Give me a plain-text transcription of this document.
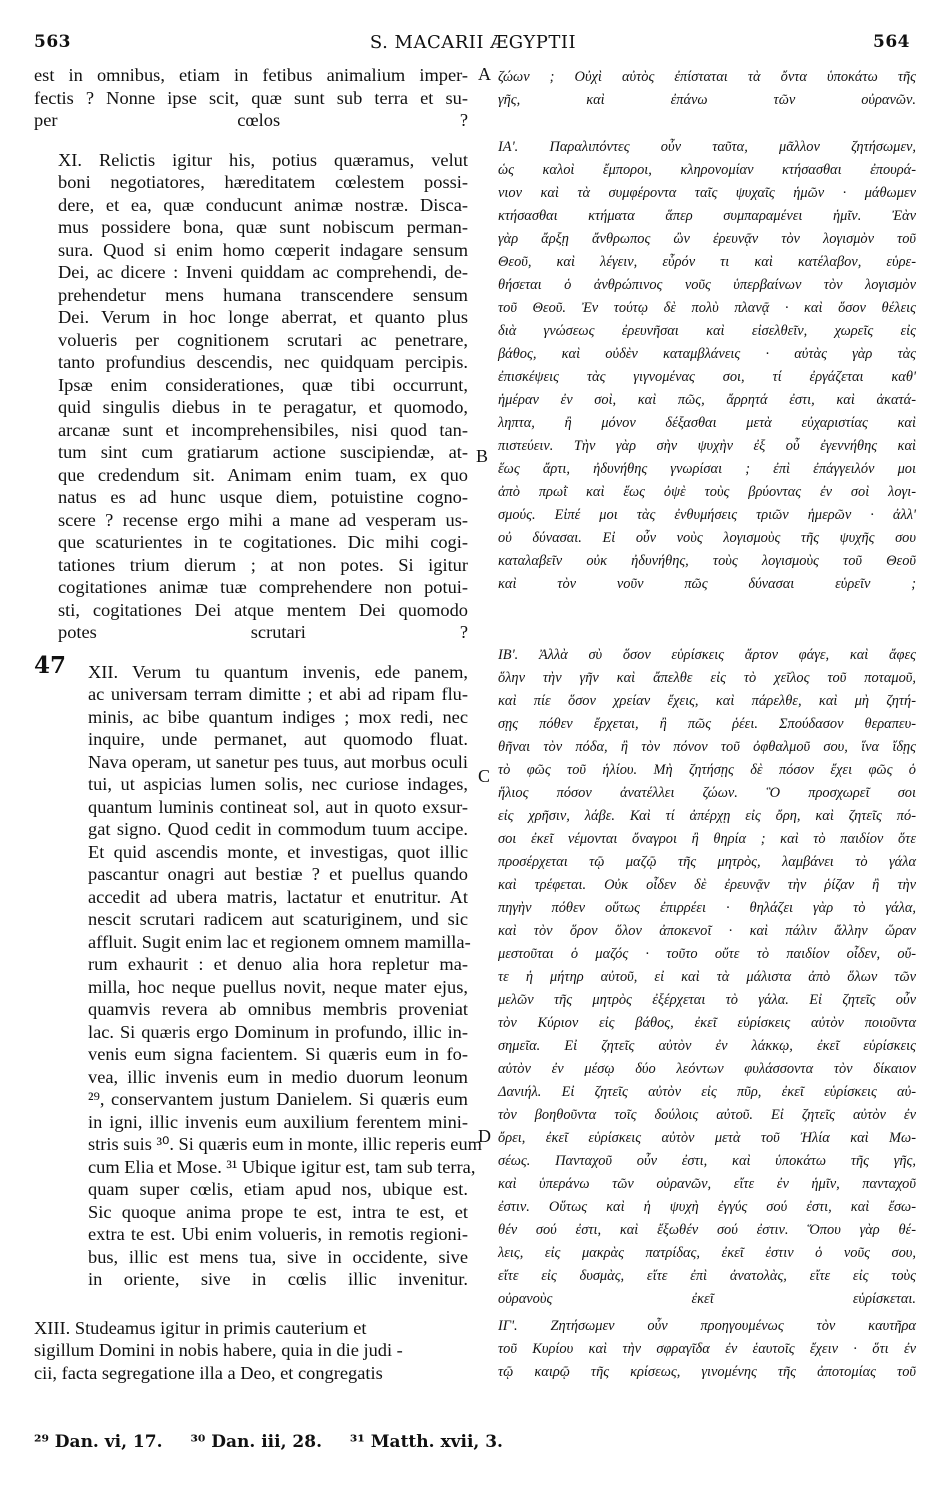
563	S. MACARII ÆGYPTII	564
A
B
C
D
47
est in omnibus, etiam in fetibus animalium imper-
fectis ? Nonne ipse scit, quæ sunt sub terra et su-
per cœlos ?
XI. Relictis igitur his, potius quæramus, velut
boni negotiatores, hæreditatem cœlestem possi-
dere, et ea, quæ conducunt animæ nostræ. Disca-
mus possidere bona, quæ sunt nobiscum perman-
sura. Quod si enim homo cœperit indagare sensum
Dei, ac dicere : Inveni quiddam ac comprehendi, de-
prehendetur mens humana transcendere sensum
Dei. Verum in hoc longe aberrat, et quanto plus
volueris per cognitionem scrutari ac penetrare,
tanto profundius descendis, nec quidquam percipis.
Ipsæ enim considerationes, quæ tibi occurrunt,
quid singulis diebus in te peragatur, et quomodo,
arcanæ sunt et incomprehensibiles, nisi quod tan-
tum sint cum gratiarum actione suscipiendæ, at-
que credendum sit. Animam enim tuam, ex quo
natus es ad hunc usque diem, potuistine cogno-
scere ? recense ergo mihi a mane ad vesperam us-
que scaturientes in te cogitationes. Dic mihi cogi-
tationes trium dierum ; at non potes. Si igitur
cogitationes animæ tuæ comprehendere non potui-
sti, cogitationes Dei atque mentem Dei quomodo
potes scrutari ?
XII. Verum tu quantum invenis, ede panem,
ac universam terram dimitte ; et abi ad ripam flu-
minis, ac bibe quantum indiges ; mox redi, nec
inquire, unde permanet, aut quomodo fluat.
Nava operam, ut sanetur pes tuus, aut morbus oculi
tui, ut aspicias lumen solis, nec curiose indages,
quantum luminis contineat sol, aut in quoto exsur-
gat signo. Quod cedit in commodum tuum accipe.
Et quid ascendis monte, et investigas, quot illic
pascantur onagri aut bestiæ ? et puellus quando
accedit ad ubera matris, lactatur et enutritur. At
nescit scrutari radicem aut scaturiginem, und sic
affluit. Sugit enim lac et regionem omnem mamilla-
rum exhaurit : et denuo alia hora repletur ma-
milla, hoc neque puellus novit, neque mater ejus,
quamvis revera ab omnibus membris proveniat
lac. Si quæris ergo Dominum in profundo, illic in-
venis eum signa facientem. Si quæris eum in fo-
vea, illic invenis eum in medio duorum leonum
²⁹, conservantem justum Danielem. Si quæris eum
in igni, illic invenis eum auxilium ferentem mini-
stris suis ³⁰. Si quæris eum in monte, illic reperis eum
cum Elia et Mose. ³¹ Ubique igitur est, tam sub terra,
quam super cœlis, etiam apud nos, ubique est.
Sic quoque anima prope te est, intra te est, et
extra te est. Ubi enim volueris, in remotis regioni-
bus, illic est mens tua, sive in occidente, sive
in oriente, sive in cœlis illic invenitur.
XIII. Studeamus igitur in primis cauterium et
sigillum Domini in nobis habere, quia in die judi -
cii, facta segregatione illa a Deo, et congregatis
ζώων ; Οὐχὶ αὐτὸς ἐπίσταται τὰ ὄντα ὑποκάτω τῆς
γῆς, καὶ ἐπάνω τῶν οὐρανῶν.
ΙΑʹ. Παραλιπόντες οὖν ταῦτα, μᾶλλον ζητήσωμεν,
ὡς καλοὶ ἔμποροι, κληρονομίαν κτήσασθαι ἐπουρά-
νιον καὶ τὰ συμφέροντα ταῖς ψυχαῖς ἡμῶν · μάθωμεν
κτήσασθαι κτήματα ἅπερ συμπαραμένει ἡμῖν. Ἐὰν
γὰρ ἄρξῃ ἄνθρωπος ὢν ἐρευνᾷν τὸν λογισμὸν τοῦ
Θεοῦ, καὶ λέγειν, εὗρόν τι καὶ κατέλαβον, εὑρε-
θήσεται ὁ ἀνθρώπινος νοῦς ὑπερβαίνων τὸν λογισμὸν
τοῦ Θεοῦ. Ἐν τούτῳ δὲ πολὺ πλανᾷ · καὶ ὅσον θέλεις
διὰ γνώσεως ἐρευνῆσαι καὶ εἰσελθεῖν, χωρεῖς εἰς
βάθος, καὶ οὐδὲν καταμβλάνεις · αὐτὰς γὰρ τὰς
ἐπισκέψεις τὰς γιγνομένας σοι, τί ἐργάζεται καθ'
ἡμέραν ἐν σοὶ, καὶ πῶς, ἄρρητά ἐστι, καὶ ἀκατά-
ληπτα, ἢ μόνον δέξασθαι μετὰ εὐχαριστίας καὶ
πιστεύειν. Τὴν γὰρ σὴν ψυχὴν ἐξ οὗ ἐγεννήθης καὶ
ἕως ἄρτι, ἠδυνήθης γνωρίσαι ; ἐπὶ ἐπάγγειλόν μοι
ἀπὸ πρωῒ καὶ ἕως ὀψὲ τοὺς βρύοντας ἐν σοὶ λογι-
σμούς. Εἰπέ μοι τὰς ἐνθυμήσεις τριῶν ἡμερῶν · ἀλλ'
οὐ δύνασαι. Εἰ οὖν νοὺς λογισμοὺς τῆς ψυχῆς σου
καταλαβεῖν οὐκ ἠδυνήθης, τοὺς λογισμοὺς τοῦ Θεοῦ
καὶ τὸν νοῦν πῶς δύνασαι εὑρεῖν ;
ΙΒʹ. Ἀλλὰ σὺ ὅσον εὑρίσκεις ἄρτον φάγε, καὶ ἄφες
ὅλην τὴν γῆν καὶ ἄπελθε εἰς τὸ χεῖλος τοῦ ποταμοῦ,
καὶ πίε ὅσον χρείαν ἔχεις, καὶ πάρελθε, καὶ μὴ ζητή-
σῃς πόθεν ἔρχεται, ἢ πῶς ῥέει. Σπούδασον θεραπευ-
θῆναι τὸν πόδα, ἢ τὸν πόνον τοῦ ὀφθαλμοῦ σου, ἵνα ἴδῃς
τὸ φῶς τοῦ ἡλίου. Μὴ ζητήσῃς δὲ πόσον ἔχει φῶς ὁ
ἥλιος πόσον ἀνατέλλει ζώων. Ὃ προσχωρεῖ σοι
εἰς χρῆσιν, λάβε. Καὶ τί ἀπέρχῃ εἰς ὄρη, καὶ ζητεῖς πό-
σοι ἐκεῖ νέμονται ὄναγροι ἢ θηρία ; καὶ τὸ παιδίον ὅτε
προσέρχεται τῷ μαζῷ τῆς μητρὸς, λαμβάνει τὸ γάλα
καὶ τρέφεται. Οὐκ οἶδεν δὲ ἐρευνᾷν τὴν ῥίζαν ἢ τὴν
πηγὴν πόθεν οὕτως ἐπιρρέει · θηλάζει γὰρ τὸ γάλα,
καὶ τὸν ὅρον ὅλον ἀποκενοῖ · καὶ πάλιν ἄλλην ὥραν
μεστοῦται ὁ μαζός · τοῦτο οὔτε τὸ παιδίον οἶδεν, οὔ-
τε ἡ μήτηρ αὐτοῦ, εἰ καὶ τὰ μάλιστα ἀπὸ ὅλων τῶν
μελῶν τῆς μητρὸς ἐξέρχεται τὸ γάλα. Εἰ ζητεῖς οὖν
τὸν Κύριον εἰς βάθος, ἐκεῖ εὑρίσκεις αὐτὸν ποιοῦντα
σημεῖα. Εἰ ζητεῖς αὐτὸν ἐν λάκκῳ, ἐκεῖ εὑρίσκεις
αὐτὸν ἐν μέσῳ δύο λεόντων φυλάσσοντα τὸν δίκαιον
Δανιήλ. Εἰ ζητεῖς αὐτὸν εἰς πῦρ, ἐκεῖ εὑρίσκεις αὐ-
τὸν βοηθοῦντα τοῖς δούλοις αὐτοῦ. Εἰ ζητεῖς αὐτὸν ἐν
ὄρει, ἐκεῖ εὑρίσκεις αὐτὸν μετὰ τοῦ Ἠλία καὶ Μω-
σέως. Πανταχοῦ οὖν ἐστι, καὶ ὑποκάτω τῆς γῆς,
καὶ ὑπεράνω τῶν οὐρανῶν, εἴτε ἐν ἡμῖν, πανταχοῦ
ἐστιν. Οὕτως καὶ ἡ ψυχὴ ἐγγύς σού ἐστι, καὶ ἔσω-
θέν σού ἐστι, καὶ ἔξωθέν σού ἐστιν. Ὅπου γὰρ θέ-
λεις, εἰς μακρὰς πατρίδας, ἐκεῖ ἐστιν ὁ νοῦς σου,
εἴτε εἰς δυσμὰς, εἴτε ἐπὶ ἀνατολὰς, εἴτε εἰς τοὺς
οὐρανοὺς ἐκεῖ εὑρίσκεται.
ΙΓʹ. Ζητήσωμεν οὖν προηγουμένως τὸν καυτῆρα
τοῦ Κυρίου καὶ τὴν σφραγῖδα ἐν ἑαυτοῖς ἔχειν · ὅτι ἐν
τῷ καιρῷ τῆς κρίσεως, γινομένης τῆς ἀποτομίας τοῦ
²⁹ Dan. vi, 17. ³⁰ Dan. iii, 28. ³¹ Matth. xvii, 3.
